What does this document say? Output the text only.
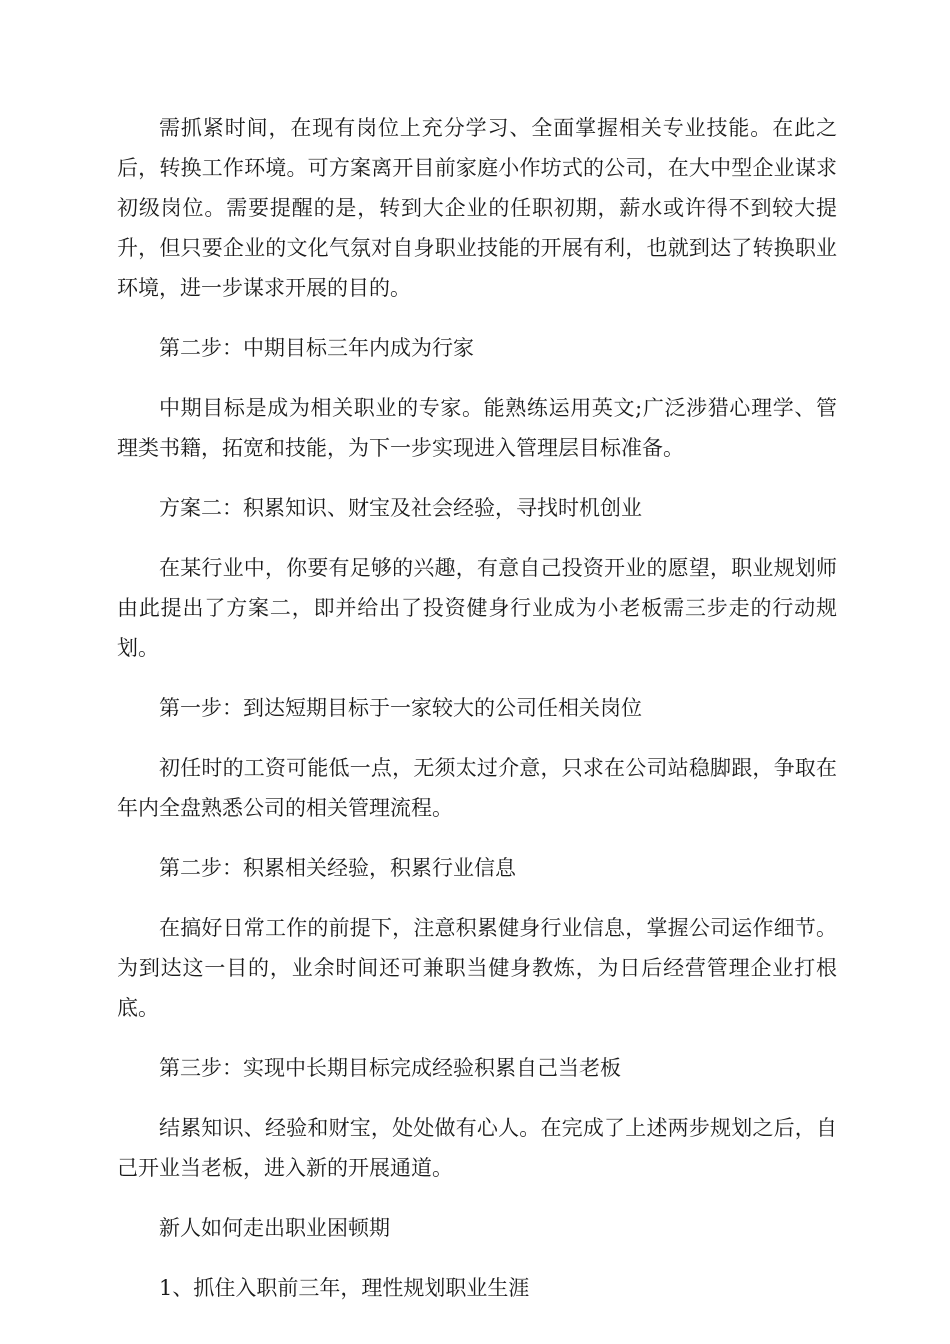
需抓紧时间，在现有岗位上充分学习、全面掌握相关专业技能。在此之后，转换工作环境。可方案离开目前家庭小作坊式的公司，在大中型企业谋求初级岗位。需要提醒的是，转到大企业的任职初期，薪水或许得不到较大提升，但只要企业的文化气氛对自身职业技能的开展有利，也就到达了转换职业环境，进一步谋求开展的目的。

第二步：中期目标三年内成为行家

中期目标是成为相关职业的专家。能熟练运用英文;广泛涉猎心理学、管理类书籍，拓宽和技能，为下一步实现进入管理层目标准备。

方案二：积累知识、财宝及社会经验，寻找时机创业

在某行业中，你要有足够的兴趣，有意自己投资开业的愿望，职业规划师由此提出了方案二，即并给出了投资健身行业成为小老板需三步走的行动规划。

第一步：到达短期目标于一家较大的公司任相关岗位

初任时的工资可能低一点，无须太过介意，只求在公司站稳脚跟，争取在年内全盘熟悉公司的相关管理流程。

第二步：积累相关经验，积累行业信息

在搞好日常工作的前提下，注意积累健身行业信息，掌握公司运作细节。为到达这一目的，业余时间还可兼职当健身教炼，为日后经营管理企业打根底。

第三步：实现中长期目标完成经验积累自己当老板

结累知识、经验和财宝，处处做有心人。在完成了上述两步规划之后，自己开业当老板，进入新的开展通道。

新人如何走出职业困顿期

1、抓住入职前三年，理性规划职业生涯
